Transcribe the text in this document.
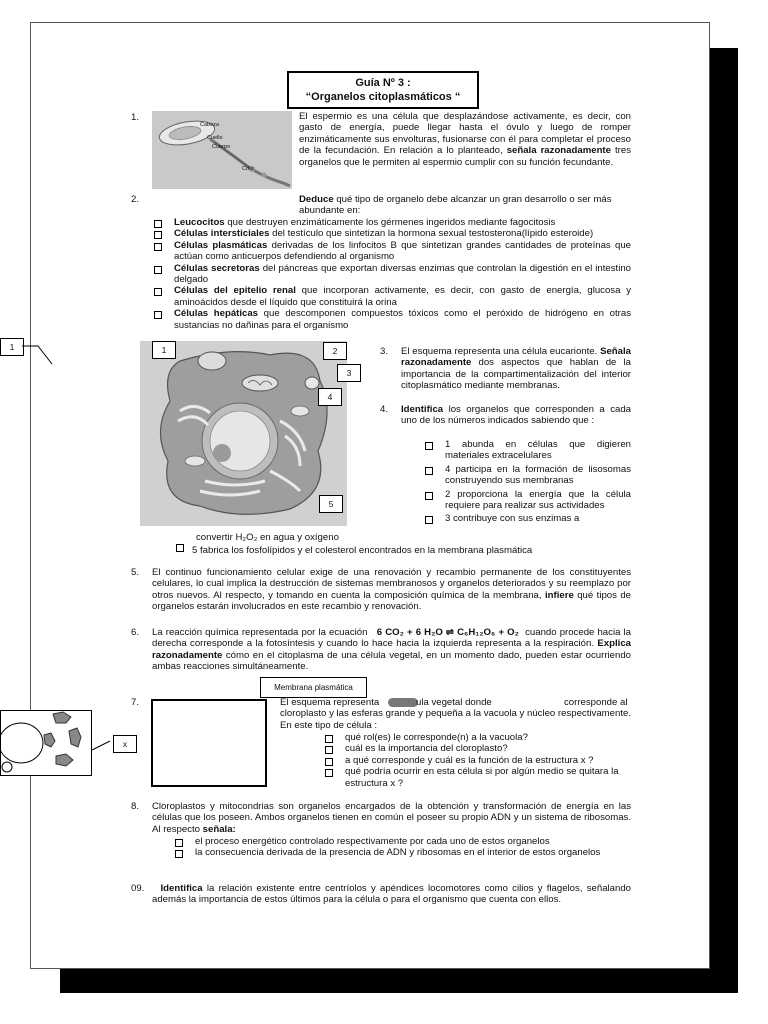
Guía Nº 3 :
“Organelos citoplasmáticos “
1.
Cabeza
Cuello
Cuerpo
Cola
El espermio es una célula que desplazándose activamente, es decir, con gasto de energía, puede llegar hasta el óvulo y luego de romper enzimáticamente sus envolturas, fusionarse con él para completar el proceso de la fecundación. En relación a lo planteado, señala razonadamente tres organelos que le permiten al espermio cumplir con su función fecundante.
2.	Deduce qué tipo de organelo debe alcanzar un gran desarrollo o ser más abundante en:
Leucocitos que destruyen enzimáticamente los gérmenes ingeridos mediante fagocitosis
Células intersticiales del testículo que sintetizan la hormona sexual testosterona(lípido esteroide)
Células plasmáticas derivadas de los linfocitos B que sintetizan grandes cantidades de proteínas que actúan como anticuerpos defendiendo al organismo
Células secretoras del páncreas que exportan diversas enzimas que controlan la digestión en el intestino delgado
Células del epitelio renal que incorporan activamente, es decir, con gasto de energía, glucosa y aminoácidos desde el líquido que constituirá la orina
Células hepáticas que descomponen compuestos tóxicos como el peróxido de hidrógeno en otras sustancias no dañinas para el organismo
1	1	2
3
4
5
3. El esquema representa una célula eucarionte. Señala razonadamente dos aspectos que hablan de la importancia de la compartimentalización del interior citoplasmático mediante membranas.
4. Identifica los organelos que corresponden a cada uno de los números indicados sabiendo que :
1 abunda en células que digieren materiales extracelulares
4 participa en la formación de lisosomas construyendo sus membranas
2 proporciona la energía que la célula requiere para realizar sus actividades
3 contribuye con sus enzimas a
convertir H₂O₂ en agua y oxígeno
5 fabrica los fosfolípidos y el colesterol encontrados en la membrana plasmática
5. El continuo funcionamiento celular exige de una renovación y recambio permanente de los constituyentes celulares, lo cual implica la destrucción de sistemas membranosos y organelos deteriorados y su reemplazo por otros nuevos. Al respecto, y tomando en cuenta la composición química de la membrana, infiere qué tipos de organelos estarán involucrados en este recambio y renovación.
6. La reacción química representada por la ecuación 6 CO₂ + 6 H₂O ⇌ C₆H₁₂O₆ + O₂ cuando procede hacia la derecha corresponde a la fotosíntesis y cuando lo hace hacia la izquierda representa a la respiración. Explica razonadamente cómo en el citoplasma de una célula vegetal, en un momento dado, pueden estar ocurriendo ambas reacciones simultáneamente.
Membrana plasmática
7.	El esquema representa	ula vegetal donde	corresponde al
cloroplasto y las esferas grande y pequeña a la vacuola y núcleo respectivamente. En este tipo de célula :
qué rol(es) le corresponde(n) a la vacuola?
cuál es la importancia del cloroplasto?
a qué corresponde y cuál es la función de la estructura x ?
qué podría ocurrir en esta célula si por algún medio se quitara la estructura x ?
x
8. Cloroplastos y mitocondrias son organelos encargados de la obtención y transformación de energía en las células que los poseen. Ambos organelos tienen en común el poseer su propio ADN y un sistema de ribosomas. Al respecto señala:
el proceso energético controlado respectivamente por cada uno de estos organelos
la consecuencia derivada de la presencia de ADN y ribosomas en el interior de estos organelos
09.	Identifica la relación existente entre centríolos y apéndices locomotores como cilios y flagelos, señalando además la importancia de estos últimos para la célula o para el organismo que cuenta con ellos.
